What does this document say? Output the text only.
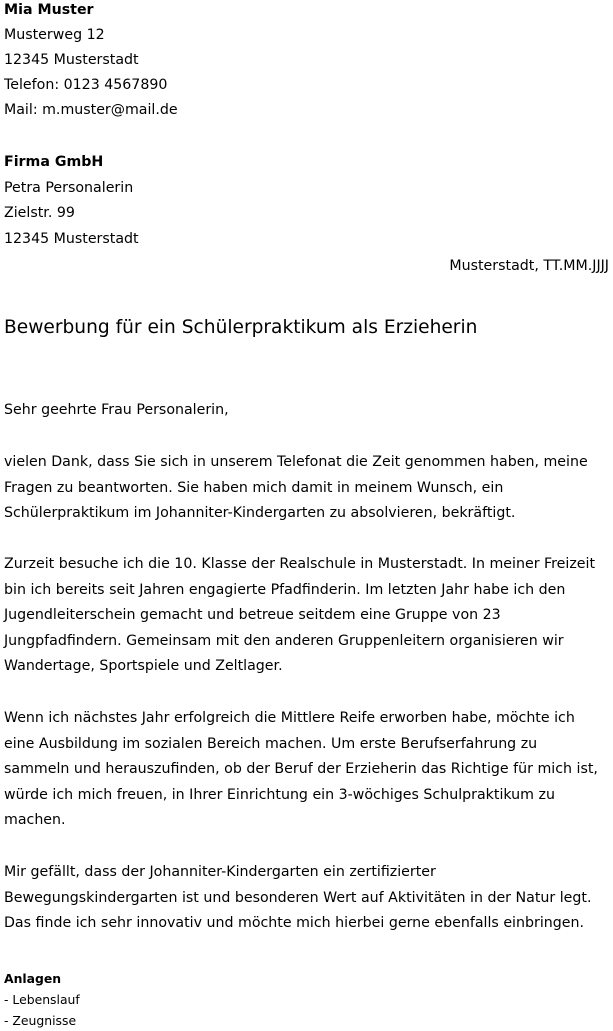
Mia Muster
Musterweg 12
12345 Musterstadt
Telefon: 0123 4567890
Mail: m.muster@mail.de
Firma GmbH
Petra Personalerin
Zielstr. 99
12345 Musterstadt
Musterstadt, TT.MM.JJJJ
Bewerbung für ein Schülerpraktikum als Erzieherin
Sehr geehrte Frau Personalerin,
vielen Dank, dass Sie sich in unserem Telefonat die Zeit genommen haben, meine
Fragen zu beantworten. Sie haben mich damit in meinem Wunsch, ein
Schülerpraktikum im Johanniter-Kindergarten zu absolvieren, bekräftigt.
Zurzeit besuche ich die 10. Klasse der Realschule in Musterstadt. In meiner Freizeit
bin ich bereits seit Jahren engagierte Pfadfinderin. Im letzten Jahr habe ich den
Jugendleiterschein gemacht und betreue seitdem eine Gruppe von 23
Jungpfadfindern. Gemeinsam mit den anderen Gruppenleitern organisieren wir
Wandertage, Sportspiele und Zeltlager.
Wenn ich nächstes Jahr erfolgreich die Mittlere Reife erworben habe, möchte ich
eine Ausbildung im sozialen Bereich machen. Um erste Berufserfahrung zu
sammeln und herauszufinden, ob der Beruf der Erzieherin das Richtige für mich ist,
würde ich mich freuen, in Ihrer Einrichtung ein 3-wöchiges Schulpraktikum zu
machen.
Mir gefällt, dass der Johanniter-Kindergarten ein zertifizierter
Bewegungskindergarten ist und besonderen Wert auf Aktivitäten in der Natur legt.
Das finde ich sehr innovativ und möchte mich hierbei gerne ebenfalls einbringen.
Anlagen
- Lebenslauf
- Zeugnisse
